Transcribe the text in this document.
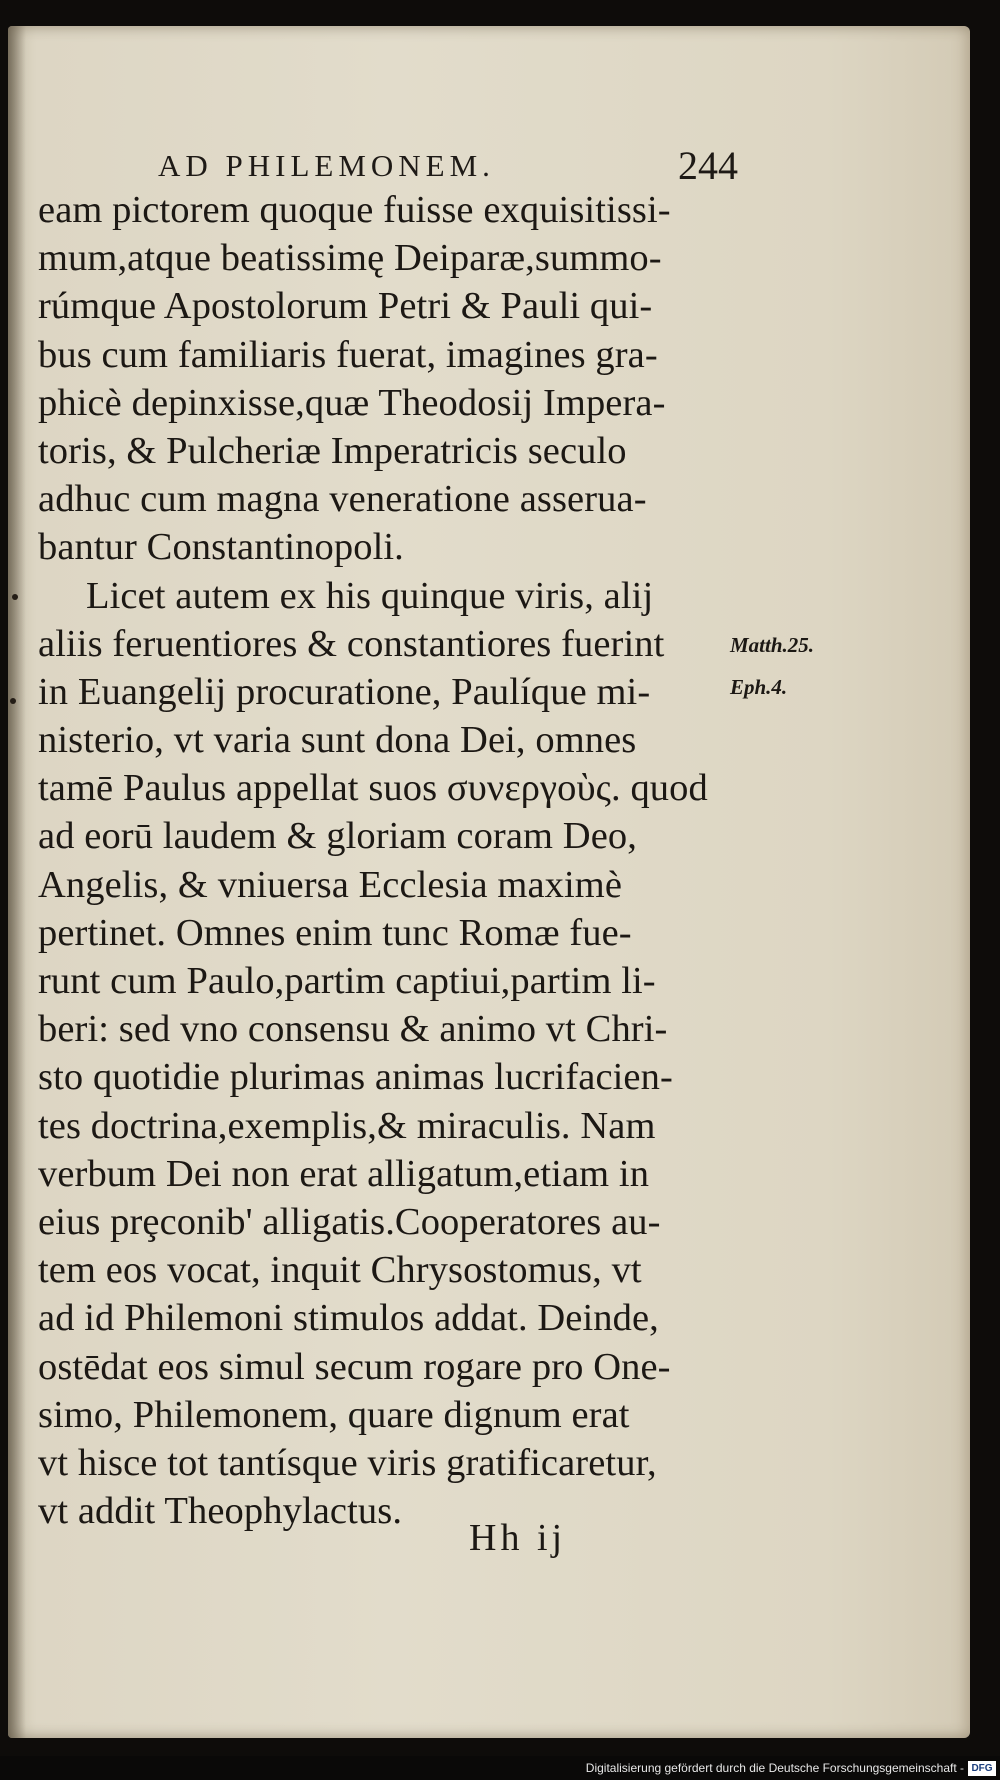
AD PHILEMONEM.	244
eam pictorem quoque fuisse exquisitissi-
mum,atque beatissimę Deiparæ,summo-
rúmque Apostolorum Petri & Pauli qui-
bus cum familiaris fuerat, imagines gra-
phicè depinxisse,quæ Theodosij Impera-
toris, & Pulcheriæ Imperatricis seculo
adhuc cum magna veneratione asserua-
bantur Constantinopoli.
Licet autem ex his quinque viris, alij
aliis feruentiores & constantiores fuerint
in Euangelij procuratione, Paulíque mi-
nisterio, vt varia sunt dona Dei, omnes
tamē Paulus appellat suos συνεργοὺς. quod
ad eorū laudem & gloriam coram Deo,
Angelis, & vniuersa Ecclesia maximè
pertinet. Omnes enim tunc Romæ fue-
runt cum Paulo,partim captiui,partim li-
beri: sed vno consensu & animo vt Chri-
sto quotidie plurimas animas lucrifacien-
tes doctrina,exemplis,& miraculis. Nam
verbum Dei non erat alligatum,etiam in
eius prȩconib' alligatis.Cooperatores au-
tem eos vocat, inquit Chrysostomus, vt
ad id Philemoni stimulos addat. Deinde,
ostēdat eos simul secum rogare pro One-
simo, Philemonem, quare dignum erat
vt hisce tot tantísque viris gratificaretur,
vt addit Theophylactus.
Matth.25.
Eph.4.
Hh ij
Digitalisierung gefördert durch die Deutsche Forschungsgemeinschaft - DFG
